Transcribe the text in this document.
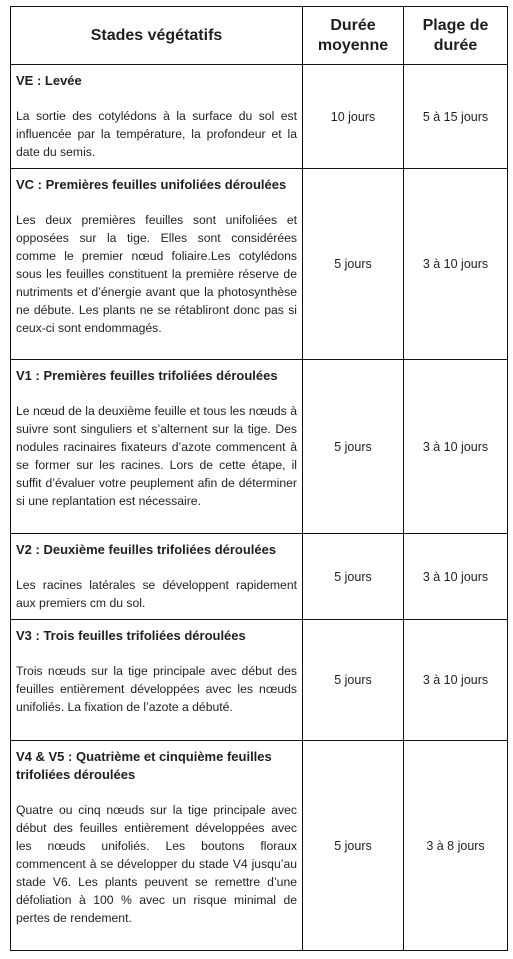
Stades végétatifs	Durée moyenne	Plage de durée

VE : Levée

La sortie des cotylédons à la surface du sol est influencée par la température, la profondeur et la date du semis.	10 jours	5 à 15 jours

VC : Premières feuilles unifoliées déroulées

Les deux premières feuilles sont unifoliées et opposées sur la tige. Elles sont considérées comme le premier nœud foliaire.Les cotylédons sous les feuilles constituent la première réserve de nutriments et d’énergie avant que la photosynthèse ne débute. Les plants ne se rétabliront donc pas si ceux-ci sont endommagés.	5 jours	3 à 10 jours

V1 : Premières feuilles trifoliées déroulées

Le nœud de la deuxième feuille et tous les nœuds à suivre sont singuliers et s’alternent sur la tige. Des nodules racinaires fixateurs d’azote commencent à se former sur les racines. Lors de cette étape, il suffit d’évaluer votre peuplement afin de déterminer si une replantation est nécessaire.	5 jours	3 à 10 jours

V2 : Deuxième feuilles trifoliées déroulées

Les racines latérales se développent rapidement aux premiers cm du sol.	5 jours	3 à 10 jours

V3 : Trois feuilles trifoliées déroulées

Trois nœuds sur la tige principale avec début des feuilles entièrement développées avec les nœuds unifoliés. La fixation de l’azote a débuté.	5 jours	3 à 10 jours

V4 & V5 : Quatrième et cinquième feuilles trifoliées déroulées

Quatre ou cinq nœuds sur la tige principale avec début des feuilles entièrement développées avec les nœuds unifoliés. Les boutons floraux commencent à se développer du stade V4 jusqu’au stade V6. Les plants peuvent se remettre d’une défoliation à 100 % avec un risque minimal de pertes de rendement.	5 jours	3 à 8 jours
